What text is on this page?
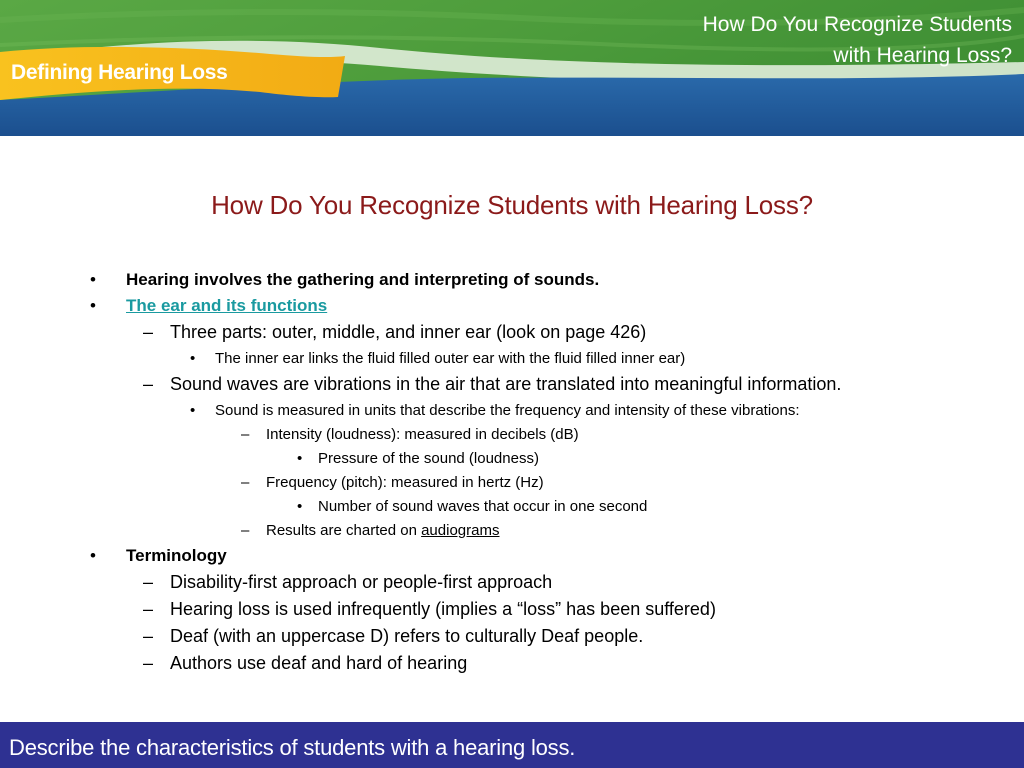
Defining Hearing Loss
How Do You Recognize Students
with Hearing Loss?
How Do You Recognize Students with Hearing Loss?
• Hearing involves the gathering and interpreting of sounds.
• The ear and its functions
– Three parts: outer, middle, and inner ear (look on page 426)
• The inner ear links the fluid filled outer ear with the fluid filled inner ear)
– Sound waves are vibrations in the air that are translated into meaningful information.
• Sound is measured in units that describe the frequency and intensity of these vibrations:
– Intensity (loudness): measured in decibels (dB)
• Pressure of the sound (loudness)
– Frequency (pitch): measured in hertz (Hz)
• Number of sound waves that occur in one second
– Results are charted on audiograms
• Terminology
– Disability-first approach or people-first approach
– Hearing loss is used infrequently (implies a “loss” has been suffered)
– Deaf (with an uppercase D) refers to culturally Deaf people.
– Authors use deaf and hard of hearing
Describe the characteristics of students with a hearing loss.
